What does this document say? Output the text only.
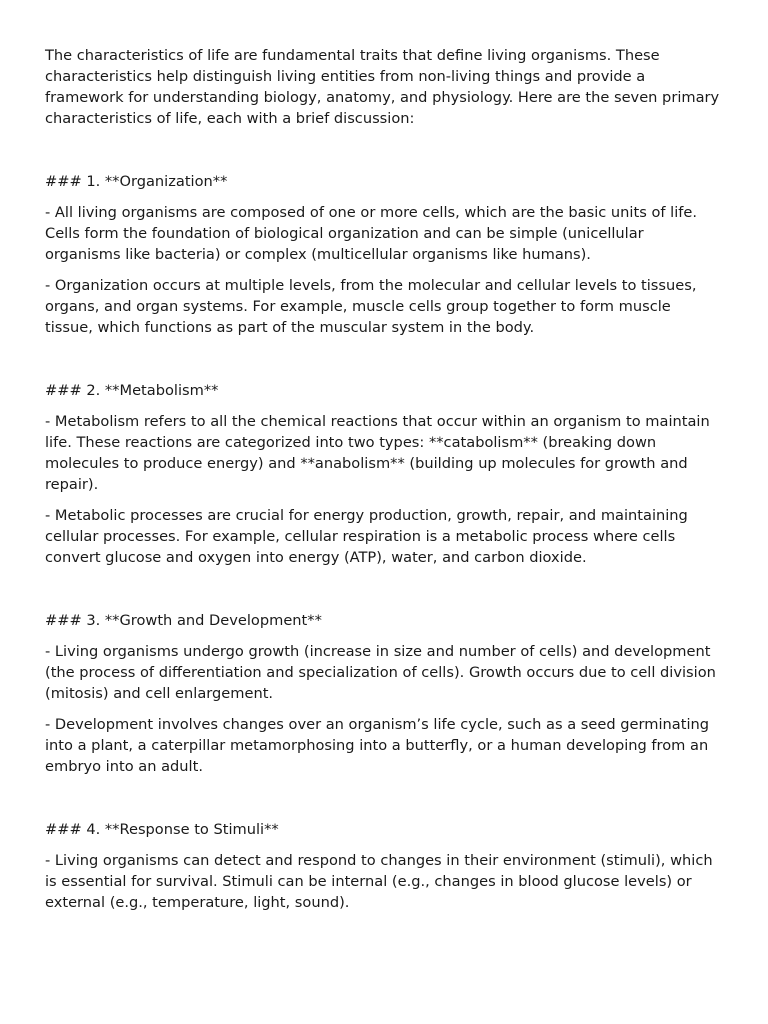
The characteristics of life are fundamental traits that define living organisms. These characteristics help distinguish living entities from non-living things and provide a framework for understanding biology, anatomy, and physiology. Here are the seven primary characteristics of life, each with a brief discussion:

### 1. **Organization**

- All living organisms are composed of one or more cells, which are the basic units of life. Cells form the foundation of biological organization and can be simple (unicellular organisms like bacteria) or complex (multicellular organisms like humans).

- Organization occurs at multiple levels, from the molecular and cellular levels to tissues, organs, and organ systems. For example, muscle cells group together to form muscle tissue, which functions as part of the muscular system in the body.

### 2. **Metabolism**

- Metabolism refers to all the chemical reactions that occur within an organism to maintain life. These reactions are categorized into two types: **catabolism** (breaking down molecules to produce energy) and **anabolism** (building up molecules for growth and repair).

- Metabolic processes are crucial for energy production, growth, repair, and maintaining cellular processes. For example, cellular respiration is a metabolic process where cells convert glucose and oxygen into energy (ATP), water, and carbon dioxide.

### 3. **Growth and Development**

- Living organisms undergo growth (increase in size and number of cells) and development (the process of differentiation and specialization of cells). Growth occurs due to cell division (mitosis) and cell enlargement.

- Development involves changes over an organism’s life cycle, such as a seed germinating into a plant, a caterpillar metamorphosing into a butterfly, or a human developing from an embryo into an adult.

### 4. **Response to Stimuli**

- Living organisms can detect and respond to changes in their environment (stimuli), which is essential for survival. Stimuli can be internal (e.g., changes in blood glucose levels) or external (e.g., temperature, light, sound).
